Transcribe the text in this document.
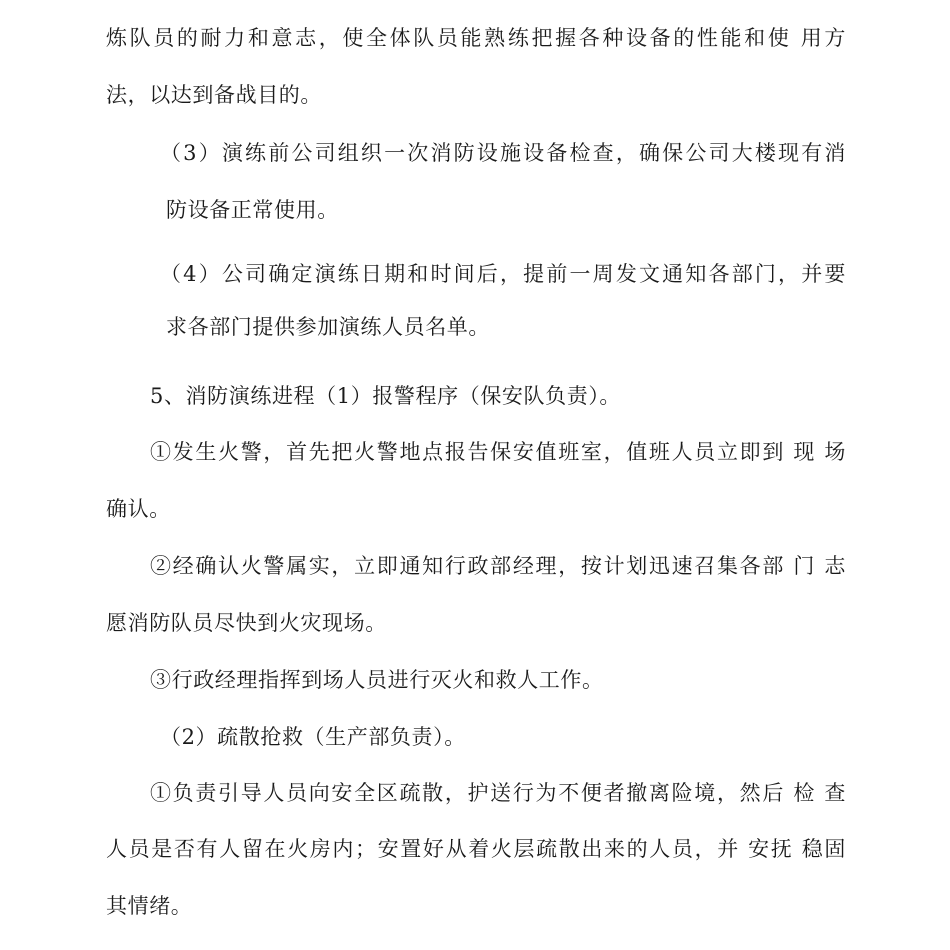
炼队员的耐力和意志，使全体队员能熟练把握各种设备的性能和使 用方
法，以达到备战目的。
（3）演练前公司组织一次消防设施设备检查，确保公司大楼现有消
防设备正常使用。
（4）公司确定演练日期和时间后，提前一周发文通知各部门，并要
求各部门提供参加演练人员名单。
5、消防演练进程（1）报警程序（保安队负责）。
①发生火警，首先把火警地点报告保安值班室，值班人员立即到 现 场
确认。
②经确认火警属实，立即通知行政部经理，按计划迅速召集各部 门 志
愿消防队员尽快到火灾现场。
③行政经理指挥到场人员进行灭火和救人工作。
（2）疏散抢救（生产部负责）。
①负责引导人员向安全区疏散，护送行为不便者撤离险境，然后 检 查
人员是否有人留在火房内；安置好从着火层疏散出来的人员，并 安抚 稳固
其情绪。
